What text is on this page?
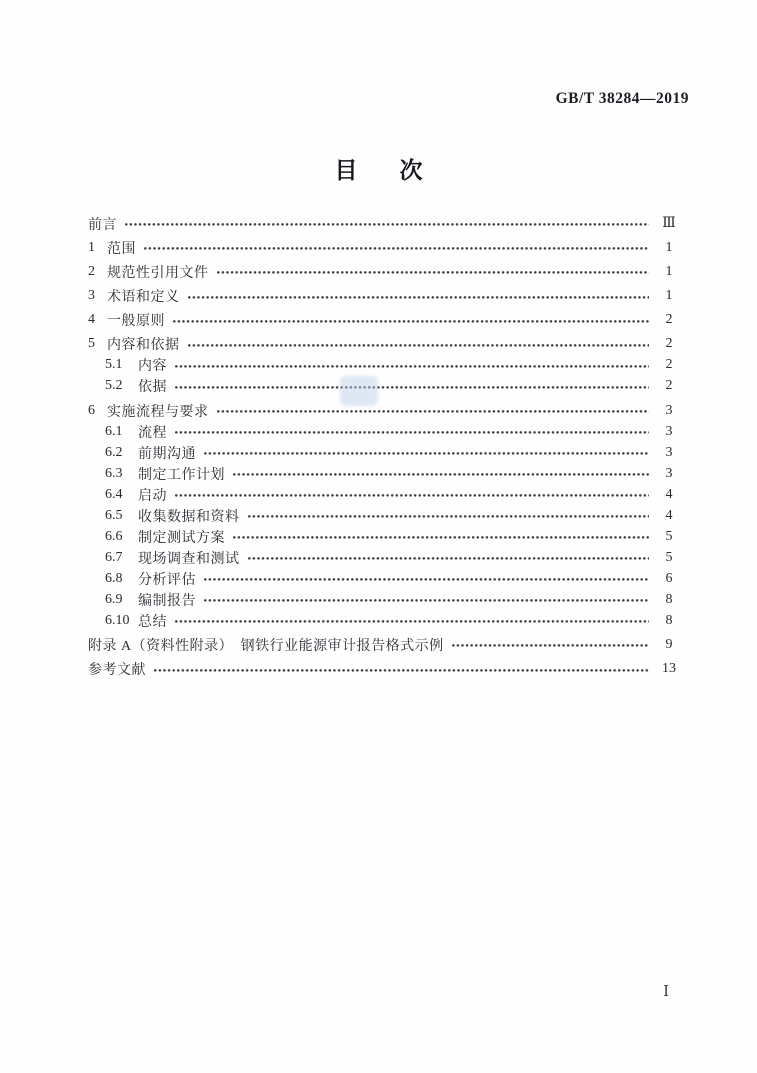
GB/T 38284—2019
目 次
前言	Ⅲ
1 范围	1
2 规范性引用文件	1
3 术语和定义	1
4 一般原则	2
5 内容和依据	2
5.1	内容	2
5.2	依据	2
6 实施流程与要求	3
6.1	流程	3
6.2	前期沟通	3
6.3	制定工作计划	3
6.4	启动	4
6.5	收集数据和资料	4
6.6	制定测试方案	5
6.7	现场调查和测试	5
6.8	分析评估	6
6.9	编制报告	8
6.10 总结	8
附录 A（资料性附录）　钢铁行业能源审计报告格式示例	9
参考文献	13
Ⅰ
